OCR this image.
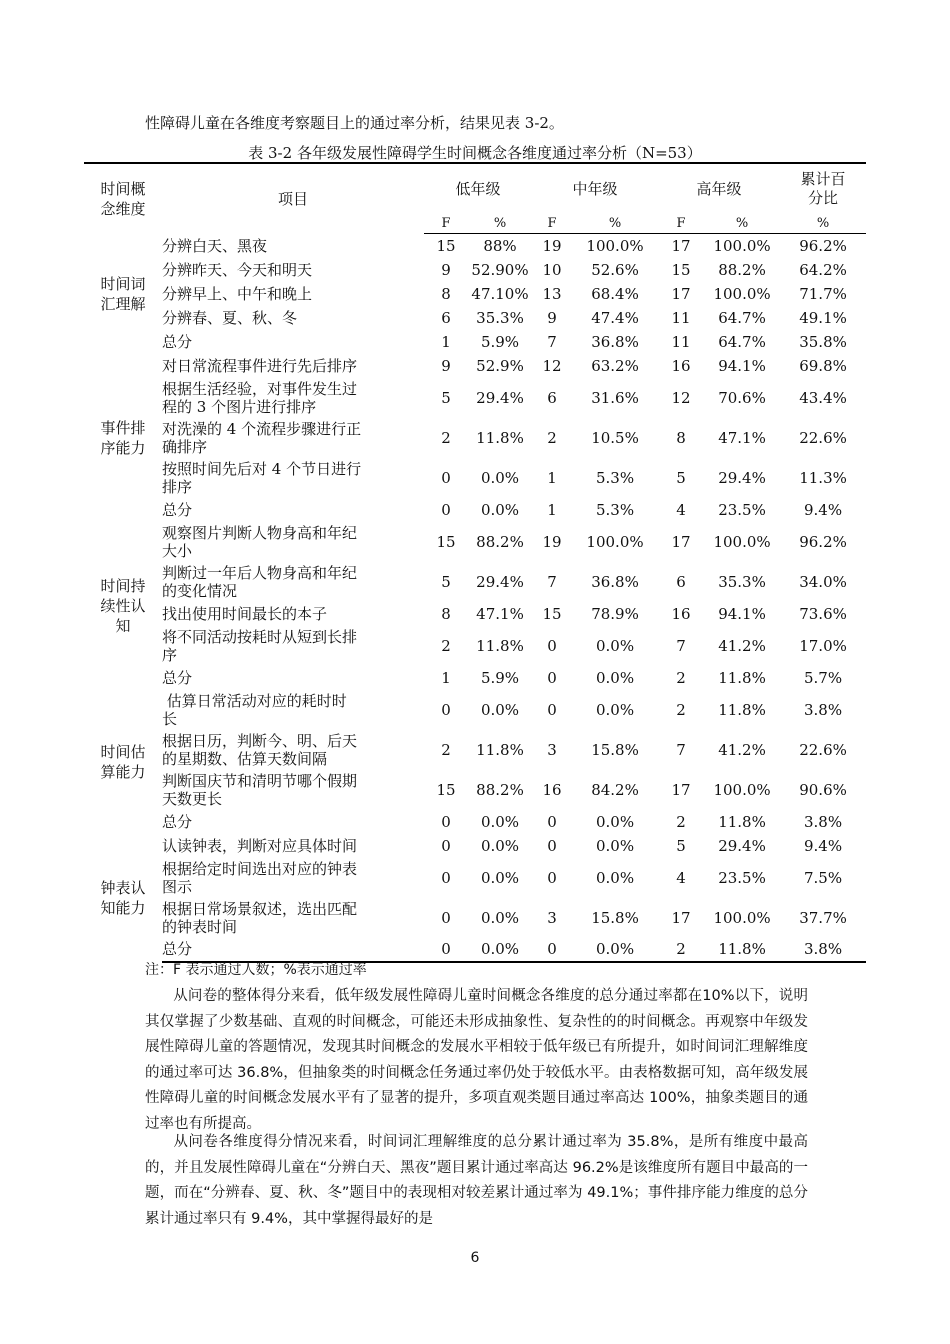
性障碍儿童在各维度考察题目上的通过率分析，结果见表 3-2。
表 3-2 各年级发展性障碍学生时间概念各维度通过率分析（N=53）
时间概
念维度	项目	低年级		中年级		高年级		累计百
分比
		F	%	F	%	F	%	%
时间词
汇理解	分辨白天、黑夜	15	88%	19	100.0%	17	100.0%	96.2%
	分辨昨天、今天和明天	9	52.90%	10	52.6%	15	88.2%	64.2%
	分辨早上、中午和晚上	8	47.10%	13	68.4%	17	100.0%	71.7%
	分辨春、夏、秋、冬	6	35.3%	9	47.4%	11	64.7%	49.1%
	总分	1	5.9%	7	36.8%	11	64.7%	35.8%
事件排
序能力	对日常流程事件进行先后排序	9	52.9%	12	63.2%	16	94.1%	69.8%
	根据生活经验，对事件发生过
程的 3 个图片进行排序	5	29.4%	6	31.6%	12	70.6%	43.4%
	对洗澡的 4 个流程步骤进行正
确排序	2	11.8%	2	10.5%	8	47.1%	22.6%
	按照时间先后对 4 个节日进行
排序	0	0.0%	1	5.3%	5	29.4%	11.3%
	总分	0	0.0%	1	5.3%	4	23.5%	9.4%
时间持
续性认
知	观察图片判断人物身高和年纪
大小	15	88.2%	19	100.0%	17	100.0%	96.2%
	判断过一年后人物身高和年纪
的变化情况	5	29.4%	7	36.8%	6	35.3%	34.0%
	找出使用时间最长的本子	8	47.1%	15	78.9%	16	94.1%	73.6%
	将不同活动按耗时从短到长排
序	2	11.8%	0	0.0%	7	41.2%	17.0%
	总分	1	5.9%	0	0.0%	2	11.8%	5.7%
时间估
算能力	估算日常活动对应的耗时时
长	0	0.0%	0	0.0%	2	11.8%	3.8%
	根据日历，判断今、明、后天
的星期数、估算天数间隔	2	11.8%	3	15.8%	7	41.2%	22.6%
	判断国庆节和清明节哪个假期
天数更长	15	88.2%	16	84.2%	17	100.0%	90.6%
	总分	0	0.0%	0	0.0%	2	11.8%	3.8%
钟表认
知能力	认读钟表，判断对应具体时间	0	0.0%	0	0.0%	5	29.4%	9.4%
	根据给定时间选出对应的钟表
图示	0	0.0%	0	0.0%	4	23.5%	7.5%
	根据日常场景叙述，选出匹配
的钟表时间	0	0.0%	3	15.8%	17	100.0%	37.7%
	总分	0	0.0%	0	0.0%	2	11.8%	3.8%
注：F 表示通过人数；%表示通过率
从问卷的整体得分来看，低年级发展性障碍儿童时间概念各维度的总分通过率都在10%以下，说明其仅掌握了少数基础、直观的时间概念，可能还未形成抽象性、复杂性的的时间概念。再观察中年级发展性障碍儿童的答题情况，发现其时间概念的发展水平相较于低年级已有所提升，如时间词汇理解维度的通过率可达 36.8%，但抽象类的时间概念任务通过率仍处于较低水平。由表格数据可知，高年级发展性障碍儿童的时间概念发展水平有了显著的提升，多项直观类题目通过率高达 100%，抽象类题目的通过率也有所提高。
从问卷各维度得分情况来看，时间词汇理解维度的总分累计通过率为 35.8%，是所有维度中最高的，并且发展性障碍儿童在“分辨白天、黑夜”题目累计通过率高达 96.2%是该维度所有题目中最高的一题，而在“分辨春、夏、秋、冬”题目中的表现相对较差累计通过率为 49.1%；事件排序能力维度的总分累计通过率只有 9.4%，其中掌握得最好的是
6
